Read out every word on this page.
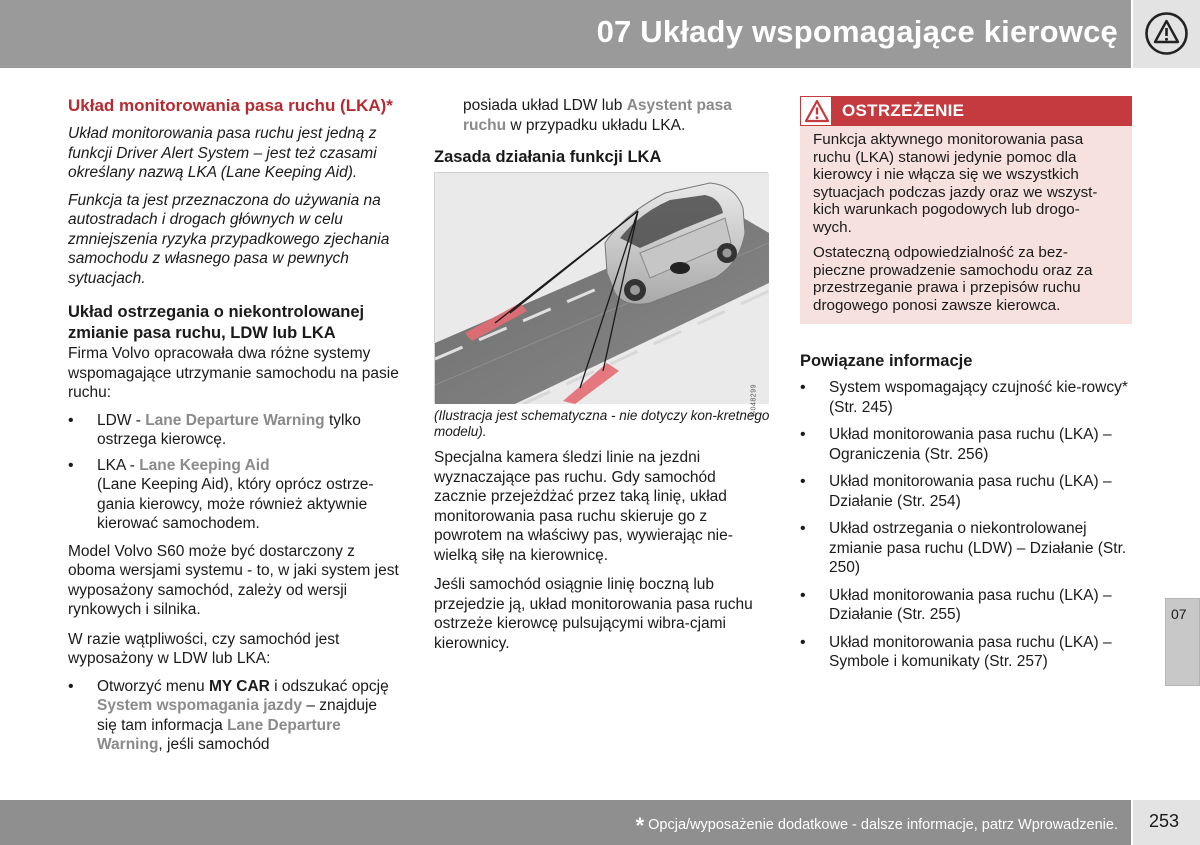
07 Układy wspomagające kierowcę
Układ monitorowania pasa ruchu (LKA)*

Układ monitorowania pasa ruchu jest jedną z funkcji Driver Alert System – jest też czasami określany nazwą LKA (Lane Keeping Aid).

Funkcja ta jest przeznaczona do używania na autostradach i drogach głównych w celu zmniejszenia ryzyka przypadkowego zjechania samochodu z własnego pasa w pewnych sytuacjach.

Układ ostrzegania o niekontrolowanej zmianie pasa ruchu, LDW lub LKA

Firma Volvo opracowała dwa różne systemy wspomagające utrzymanie samochodu na pasie ruchu:

• LDW - Lane Departure Warning tylko ostrzega kierowcę.
• LKA - Lane Keeping Aid
(Lane Keeping Aid), który oprócz ostrze-gania kierowcy, może również aktywnie kierować samochodem.

Model Volvo S60 może być dostarczony z oboma wersjami systemu - to, w jaki system jest wyposażony samochód, zależy od wersji rynkowych i silnika.

W razie wątpliwości, czy samochód jest wyposażony w LDW lub LKA:

• Otworzyć menu MY CAR i odszukać opcję System wspomagania jazdy – znajduje się tam informacja Lane Departure Warning, jeśli samochód

posiada układ LDW lub Asystent pasa ruchu w przypadku układu LKA.

Zasada działania funkcji LKA
G048299
(Ilustracja jest schematyczna - nie dotyczy kon-kretnego modelu).

Specjalna kamera śledzi linie na jezdni wyznaczające pas ruchu. Gdy samochód zacznie przejeżdżać przez taką linię, układ monitorowania pasa ruchu skieruje go z powrotem na właściwy pas, wywierając nie-wielką siłę na kierownicę.

Jeśli samochód osiągnie linię boczną lub przejedzie ją, układ monitorowania pasa ruchu ostrzeże kierowcę pulsującymi wibra-cjami kierownicy.

OSTRZEŻENIE

Funkcja aktywnego monitorowania pasa ruchu (LKA) stanowi jedynie pomoc dla kierowcy i nie włącza się we wszystkich sytuacjach podczas jazdy oraz we wszyst-kich warunkach pogodowych lub drogo-wych.

Ostateczną odpowiedzialność za bez-pieczne prowadzenie samochodu oraz za przestrzeganie prawa i przepisów ruchu drogowego ponosi zawsze kierowca.

Powiązane informacje
• System wspomagający czujność kie-rowcy* (Str. 245)
• Układ monitorowania pasa ruchu (LKA) – Ograniczenia (Str. 256)
• Układ monitorowania pasa ruchu (LKA) – Działanie (Str. 254)
• Układ ostrzegania o niekontrolowanej zmianie pasa ruchu (LDW) – Działanie (Str. 250)
• Układ monitorowania pasa ruchu (LKA) – Działanie (Str. 255)
• Układ monitorowania pasa ruchu (LKA) – Symbole i komunikaty (Str. 257)
07
* Opcja/wyposażenie dodatkowe - dalsze informacje, patrz Wprowadzenie. 253
